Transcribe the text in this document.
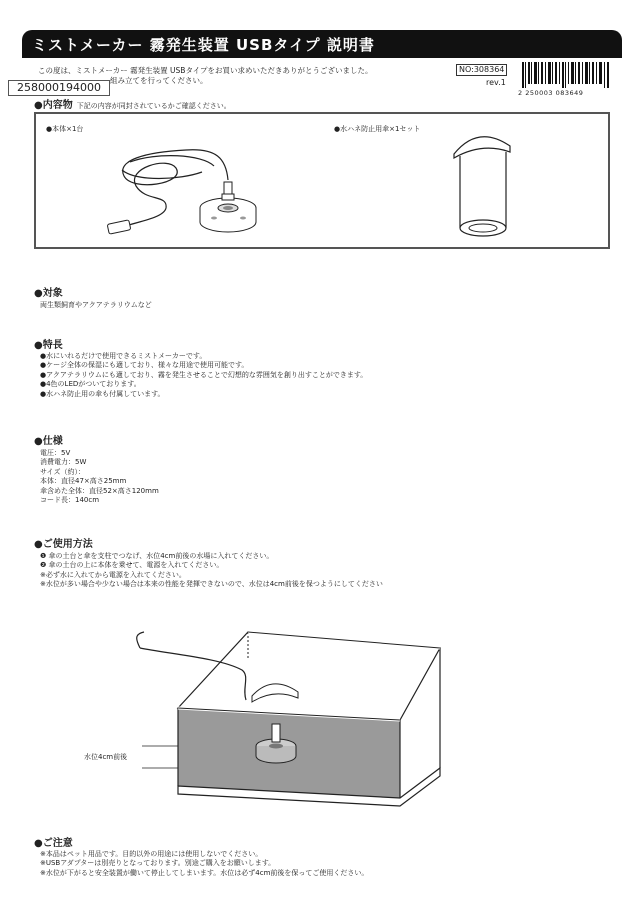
ミストメーカー 霧発生装置 USBタイプ 説明書
この度は、ミストメーカー 霧発生装置 USBタイプをお買い求めいただきありがとうございました。
組み立てを行ってください。
258000194000
NO:308364
rev.1
2 250003 083649
●内容物 下記の内容が同封されているかご確認ください。
●本体×1台	●水ハネ防止用傘×1セット
●対象
両生類飼育やアクアテラリウムなど
●特長
●水にいれるだけで使用できるミストメーカーです。
●ケージ全体の保湿にも適しており、様々な用途で使用可能です。
●アクアテラリウムにも適しており、霧を発生させることで幻想的な雰囲気を創り出すことができます。
●4色のLEDがついております。
●水ハネ防止用の傘も付属しています。
●仕様
電圧：5V
消費電力：5W
サイズ（約）：
本体：直径47×高さ25mm
傘含めた全体：直径52×高さ120mm
コード長：140cm
●ご使用方法
❶ 傘の土台と傘を支柱でつなげ、水位4cm前後の水場に入れてください。
❷ 傘の土台の上に本体を乗せて、電源を入れてください。
※必ず水に入れてから電源を入れてください。
※水位が多い場合や少ない場合は本来の性能を発揮できないので、水位は4cm前後を保つようにしてください
水位4cm前後
●ご注意
※本品はペット用品です。目的以外の用途には使用しないでください。
※USBアダプターは別売りとなっております。別途ご購入をお願いします。
※水位が下がると安全装置が働いて停止してしまいます。水位は必ず4cm前後を保ってご使用ください。
